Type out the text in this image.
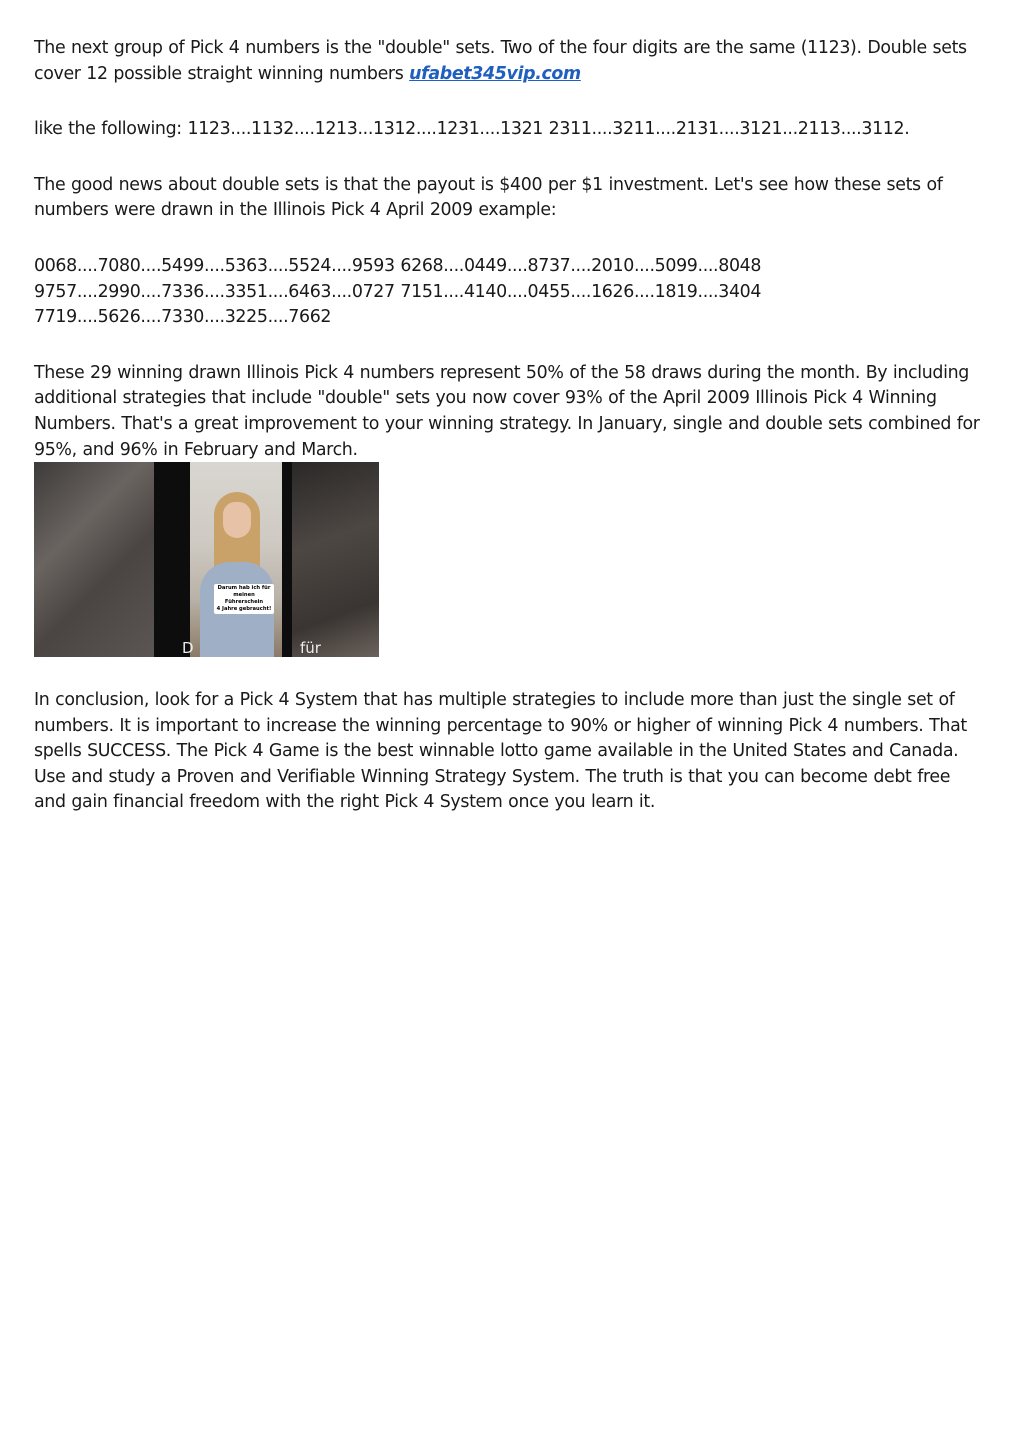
The next group of Pick 4 numbers is the "double" sets. Two of the four digits are the same (1123). Double sets cover 12 possible straight winning numbers ufabet345vip.com

like the following: 1123....1132....1213...1312....1231....1321 2311....3211....2131....3121...2113....3112.

The good news about double sets is that the payout is $400 per $1 investment. Let's see how these sets of numbers were drawn in the Illinois Pick 4 April 2009 example:

0068....7080....5499....5363....5524....9593 6268....0449....8737....2010....5099....8048
9757....2990....7336....3351....6463....0727 7151....4140....0455....1626....1819....3404 7719....5626....7330....3225....7662

These 29 winning drawn Illinois Pick 4 numbers represent 50% of the 58 draws during the month. By including additional strategies that include "double" sets you now cover 93% of the April 2009 Illinois Pick 4 Winning Numbers. That's a great improvement to your winning strategy. In January, single and double sets combined for 95%, and 96% in February and March.

Darum hab ich für
meinen Führerschein
4 Jahre gebraucht!
D	für

In conclusion, look for a Pick 4 System that has multiple strategies to include more than just the single set of numbers. It is important to increase the winning percentage to 90% or higher of winning Pick 4 numbers. That spells SUCCESS. The Pick 4 Game is the best winnable lotto game available in the United States and Canada. Use and study a Proven and Verifiable Winning Strategy System. The truth is that you can become debt free and gain financial freedom with the right Pick 4 System once you learn it.
